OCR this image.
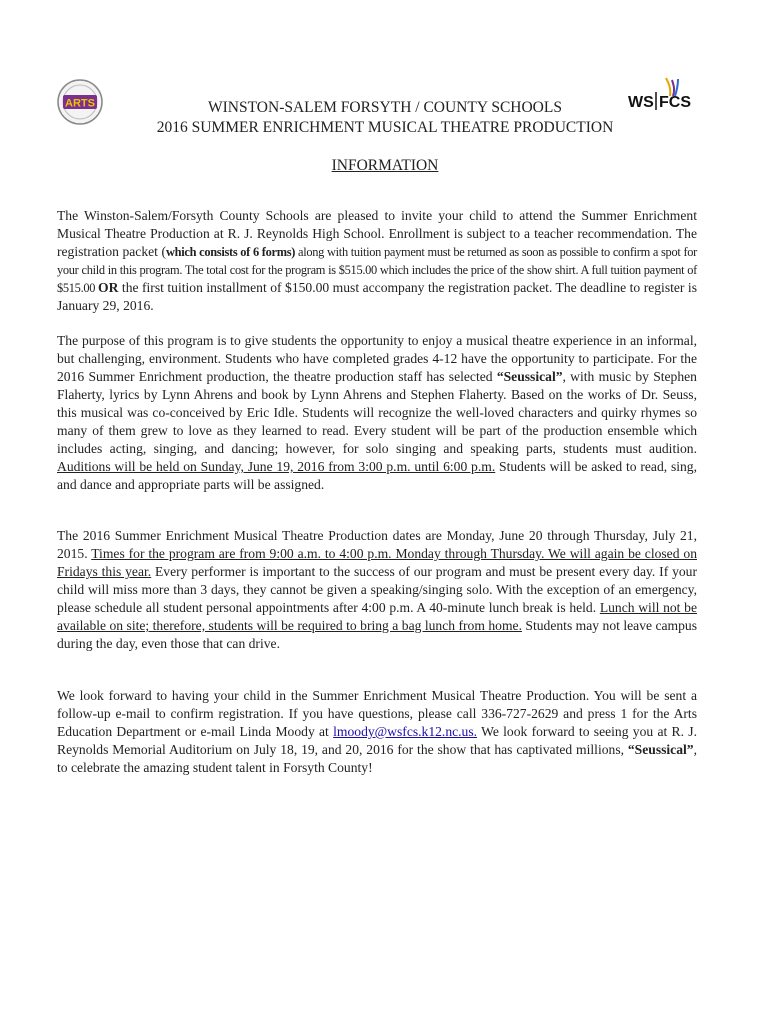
ARTS	WS FCS
WINSTON-SALEM FORSYTH / COUNTY SCHOOLS
2016 SUMMER ENRICHMENT MUSICAL THEATRE PRODUCTION
INFORMATION
The Winston-Salem/Forsyth County Schools are pleased to invite your child to attend the Summer Enrichment Musical Theatre Production at R. J. Reynolds High School. Enrollment is subject to a teacher recommendation. The registration packet (which consists of 6 forms) along with tuition payment must be returned as soon as possible to confirm a spot for your child in this program. The total cost for the program is $515.00 which includes the price of the show shirt. A full tuition payment of $515.00 OR the first tuition installment of $150.00 must accompany the registration packet. The deadline to register is January 29, 2016.
The purpose of this program is to give students the opportunity to enjoy a musical theatre experience in an informal, but challenging, environment. Students who have completed grades 4-12 have the opportunity to participate. For the 2016 Summer Enrichment production, the theatre production staff has selected “Seussical”, with music by Stephen Flaherty, lyrics by Lynn Ahrens and book by Lynn Ahrens and Stephen Flaherty. Based on the works of Dr. Seuss, this musical was co-conceived by Eric Idle. Students will recognize the well-loved characters and quirky rhymes so many of them grew to love as they learned to read. Every student will be part of the production ensemble which includes acting, singing, and dancing; however, for solo singing and speaking parts, students must audition. Auditions will be held on Sunday, June 19, 2016 from 3:00 p.m. until 6:00 p.m. Students will be asked to read, sing, and dance and appropriate parts will be assigned.
The 2016 Summer Enrichment Musical Theatre Production dates are Monday, June 20 through Thursday, July 21, 2015. Times for the program are from 9:00 a.m. to 4:00 p.m. Monday through Thursday. We will again be closed on Fridays this year. Every performer is important to the success of our program and must be present every day. If your child will miss more than 3 days, they cannot be given a speaking/singing solo. With the exception of an emergency, please schedule all student personal appointments after 4:00 p.m. A 40-minute lunch break is held. Lunch will not be available on site; therefore, students will be required to bring a bag lunch from home. Students may not leave campus during the day, even those that can drive.
We look forward to having your child in the Summer Enrichment Musical Theatre Production. You will be sent a follow-up e-mail to confirm registration. If you have questions, please call 336-727-2629 and press 1 for the Arts Education Department or e-mail Linda Moody at lmoody@wsfcs.k12.nc.us. We look forward to seeing you at R. J. Reynolds Memorial Auditorium on July 18, 19, and 20, 2016 for the show that has captivated millions, “Seussical”, to celebrate the amazing student talent in Forsyth County!
